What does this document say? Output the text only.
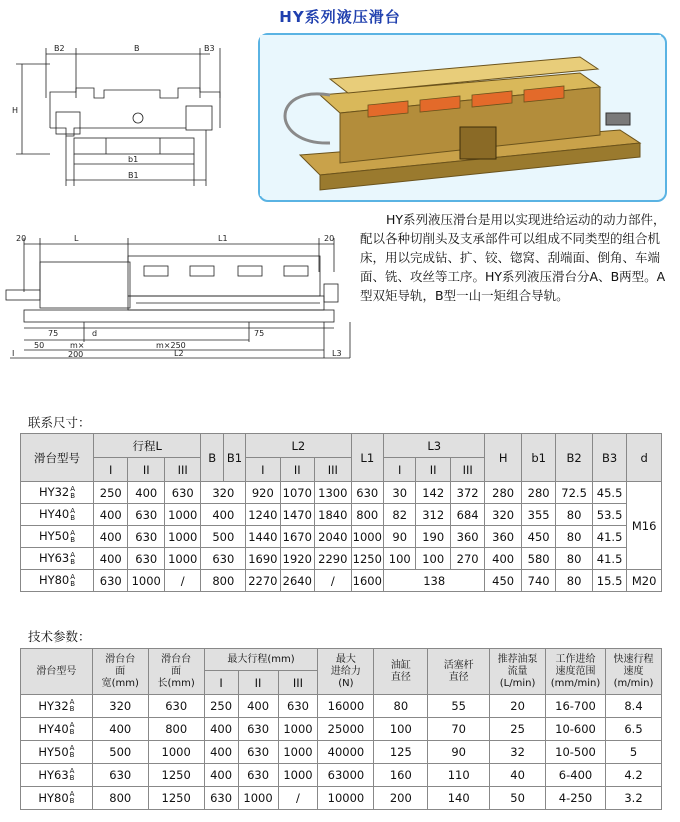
HY系列液压滑台
B2	B	B3
H
b1
B1
20	L	L1	20
75
50	m×
d
m×250
75
200	L2	L3
I
HY系列液压滑台是用以实现进给运动的动力部件，配以各种切削头及支承部件可以组成不同类型的组合机床，用以完成钻、扩、铰、锪窝、刮端面、倒角、车端面、铣、攻丝等工序。HY系列液压滑台分A、B两型。A型双矩导轨，B型一山一矩组合导轨。
联系尺寸：
滑台型号	行程L			B	B1	L2			L1	L3			H	b1	B2	B3	d
	I	II	III			I	II	III		I	II	III					
HY32 A
B	250	400	630	320		920	1070	1300	630	30	142	372	280	280	72.5	45.5	M16
HY40 A
B	400	630	1000	400		1240	1470	1840	800	82	312	684	320	355	80	53.5	
HY50 A
B	400	630	1000	500		1440	1670	2040	1000	90	190	360	360	450	80	41.5	
HY63 A
B	400	630	1000	630		1690	1920	2290	1250	100	100	270	400	580	80	41.5	
HY80 A
B	630	1000	/	800		2270	2640	/	1600	138			450	740	80	15.5	M20
技术参数：
滑台型号	滑台台
面
宽(mm)	滑台台
面
长(mm)	最大行程(mm)			最大
进给力
(N)	油缸
直径	活塞杆
直径	推荐油泵
流量
(L/min)	工作进给
速度范围
(mm/min)	快速行程
速度
(m/min)
			I	II	III						
HY32 A
B	320	630	250	400	630	16000	80	55	20	16-700	8.4
HY40 A
B	400	800	400	630	1000	25000	100	70	25	10-600	6.5
HY50 A
B	500	1000	400	630	1000	40000	125	90	32	10-500	5
HY63 A
B	630	1250	400	630	1000	63000	160	110	40	6-400	4.2
HY80 A
B	800	1250	630	1000	/	10000	200	140	50	4-250	3.2
